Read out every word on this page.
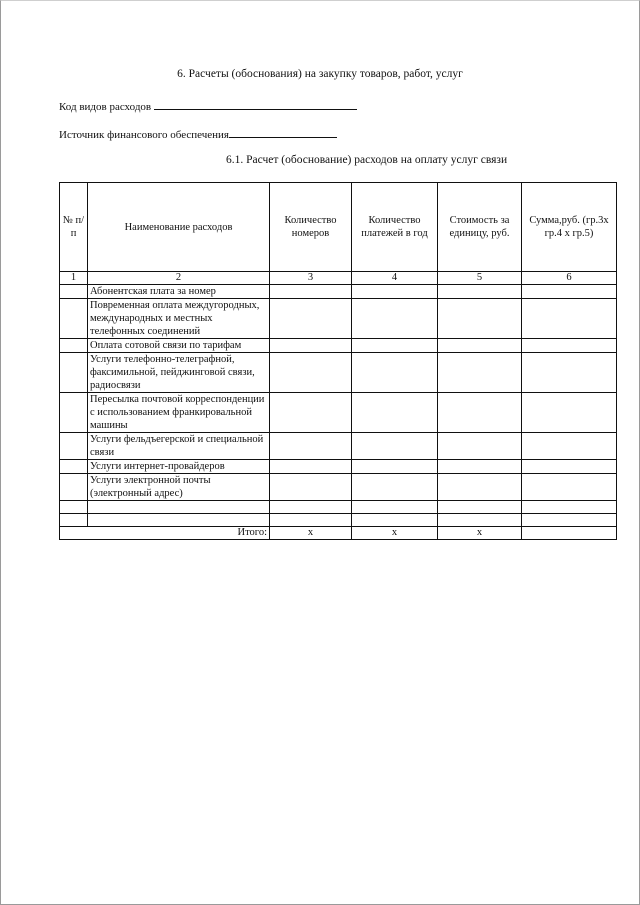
6. Расчеты (обоснования) на закупку товаров, работ, услуг
Код видов расходов
Источник финансового обеспечения
6.1. Расчет (обоснование) расходов на оплату услуг связи
№ п/п	Наименование расходов	Количество номеров	Количество платежей в год	Стоимость за единицу, руб.	Сумма,руб. (гр.3х гр.4 х гр.5)
1	2	3	4	5	6
	Абонентская плата за номер				
	Повременная оплата междугородных, международных и местных телефонных соединений				
	Оплата сотовой связи по тарифам				
	Услуги телефонно-телеграфной, факсимильной, пейджинговой связи, радиосвязи				
	Пересылка почтовой корреспонденции с использованием франкировальной машины				
	Услуги фельдъегерской и специальной связи				
	Услуги интернет-провайдеров				
	Услуги электронной почты (электронный адрес)				

Итого:		x	x	x	
